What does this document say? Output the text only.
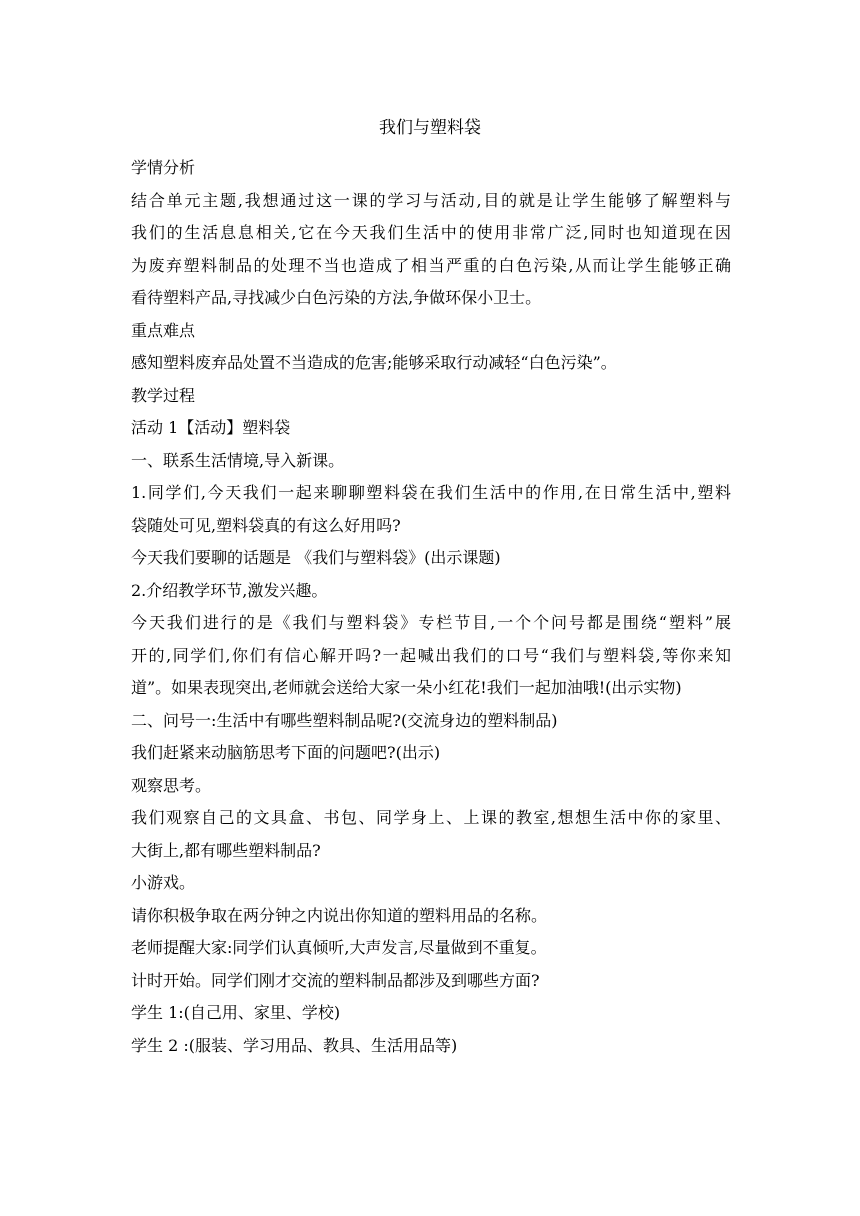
我们与塑料袋
学情分析
结合单元主题,我想通过这一课的学习与活动,目的就是让学生能够了解塑料与
我们的生活息息相关,它在今天我们生活中的使用非常广泛,同时也知道现在因
为废弃塑料制品的处理不当也造成了相当严重的白色污染,从而让学生能够正确
看待塑料产品,寻找减少白色污染的方法,争做环保小卫士。
重点难点
感知塑料废弃品处置不当造成的危害;能够采取行动减轻“白色污染”。
教学过程
活动 1【活动】塑料袋
一、联系生活情境,导入新课。
1.同学们,今天我们一起来聊聊塑料袋在我们生活中的作用,在日常生活中,塑料
袋随处可见,塑料袋真的有这么好用吗?
今天我们要聊的话题是 《我们与塑料袋》(出示课题)
2.介绍教学环节,激发兴趣。
今天我们进行的是《我们与塑料袋》专栏节目,一个个问号都是围绕“塑料”展
开的,同学们,你们有信心解开吗?一起喊出我们的口号“我们与塑料袋,等你来知
道”。如果表现突出,老师就会送给大家一朵小红花!我们一起加油哦!(出示实物)
二、问号一:生活中有哪些塑料制品呢?(交流身边的塑料制品)
我们赶紧来动脑筋思考下面的问题吧?(出示)
观察思考。
我们观察自己的文具盒、书包、同学身上、上课的教室,想想生活中你的家里、
大街上,都有哪些塑料制品?
小游戏。
请你积极争取在两分钟之内说出你知道的塑料用品的名称。
老师提醒大家:同学们认真倾听,大声发言,尽量做到不重复。
计时开始。同学们刚才交流的塑料制品都涉及到哪些方面?
学生 1:(自己用、家里、学校)
学生 2 :(服装、学习用品、教具、生活用品等)
